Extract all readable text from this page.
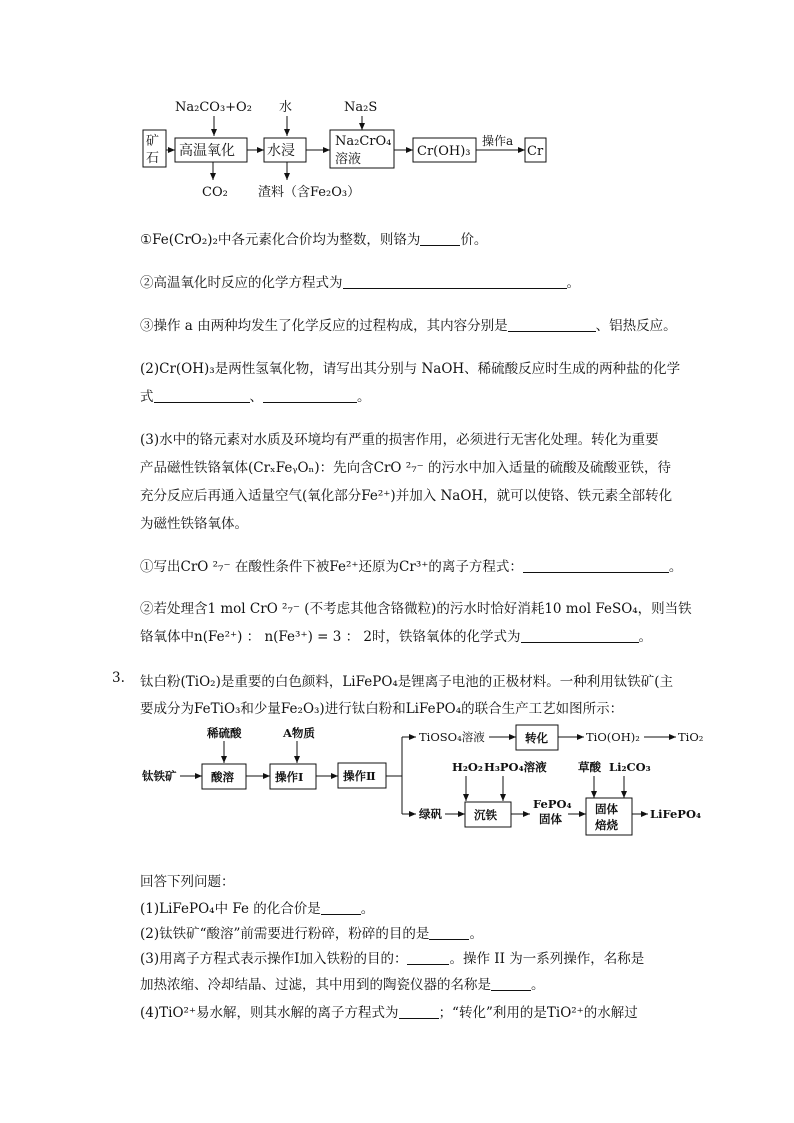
Na₂CO₃+O₂ 水	Na₂S
矿
石 高温氧化 水浸
Na₂CrO₄
溶液
Cr(OH)₃	Cr
操作a
CO₂ 渣料（含Fe₂O₃）
①Fe(CrO₂)₂中各元素化合价均为整数，则铬为	价。
②高温氧化时反应的化学方程式为	。
③操作 a 由两种均发生了化学反应的过程构成，其内容分别是	、铝热反应。
(2)Cr(OH)₃是两性氢氧化物，请写出其分别与 NaOH、稀硫酸反应时生成的两种盐的化学
式	、	。
(3)水中的铬元素对水质及环境均有严重的损害作用，必须进行无害化处理。转化为重要
产品磁性铁铬氧体(CrₓFeᵧOₙ)：先向含CrO ²₇⁻ 的污水中加入适量的硫酸及硫酸亚铁，待
充分反应后再通入适量空气(氧化部分Fe²⁺)并加入 NaOH，就可以使铬、铁元素全部转化
为磁性铁铬氧体。
①写出CrO ²₇⁻ 在酸性条件下被Fe²⁺还原为Cr³⁺的离子方程式：	。
②若处理含1 mol CrO ²₇⁻ (不考虑其他含铬微粒)的污水时恰好消耗10 mol FeSO₄，则当铁
铬氧体中n(Fe²⁺) ： n(Fe³⁺) = 3 ： 2时，铁铬氧体的化学式为	。
3. 钛白粉(TiO₂)是重要的白色颜料，LiFePO₄是锂离子电池的正极材料。一种利用钛铁矿(主
要成分为FeTiO₃和少量Fe₂O₃)进行钛白粉和LiFePO₄的联合生产工艺如图所示：
稀硫酸	A物质
钛铁矿	酸溶	操作Ⅰ	操作Ⅱ
TiOSO₄溶液	转化	TiO(OH)₂	TiO₂
绿矾
H₂O₂ H₃PO₄溶液
沉铁
FePO₄
固体
草酸 Li₂CO₃
固体
焙烧
LiFePO₄
回答下列问题：
(1)LiFePO₄中 Fe 的化合价是	。
(2)钛铁矿“酸溶”前需要进行粉碎，粉碎的目的是	。
(3)用离子方程式表示操作Ⅰ加入铁粉的目的：	。操作 II 为一系列操作，名称是
加热浓缩、冷却结晶、过滤，其中用到的陶瓷仪器的名称是	。
(4)TiO²⁺易水解，则其水解的离子方程式为	；“转化”利用的是TiO²⁺的水解过
